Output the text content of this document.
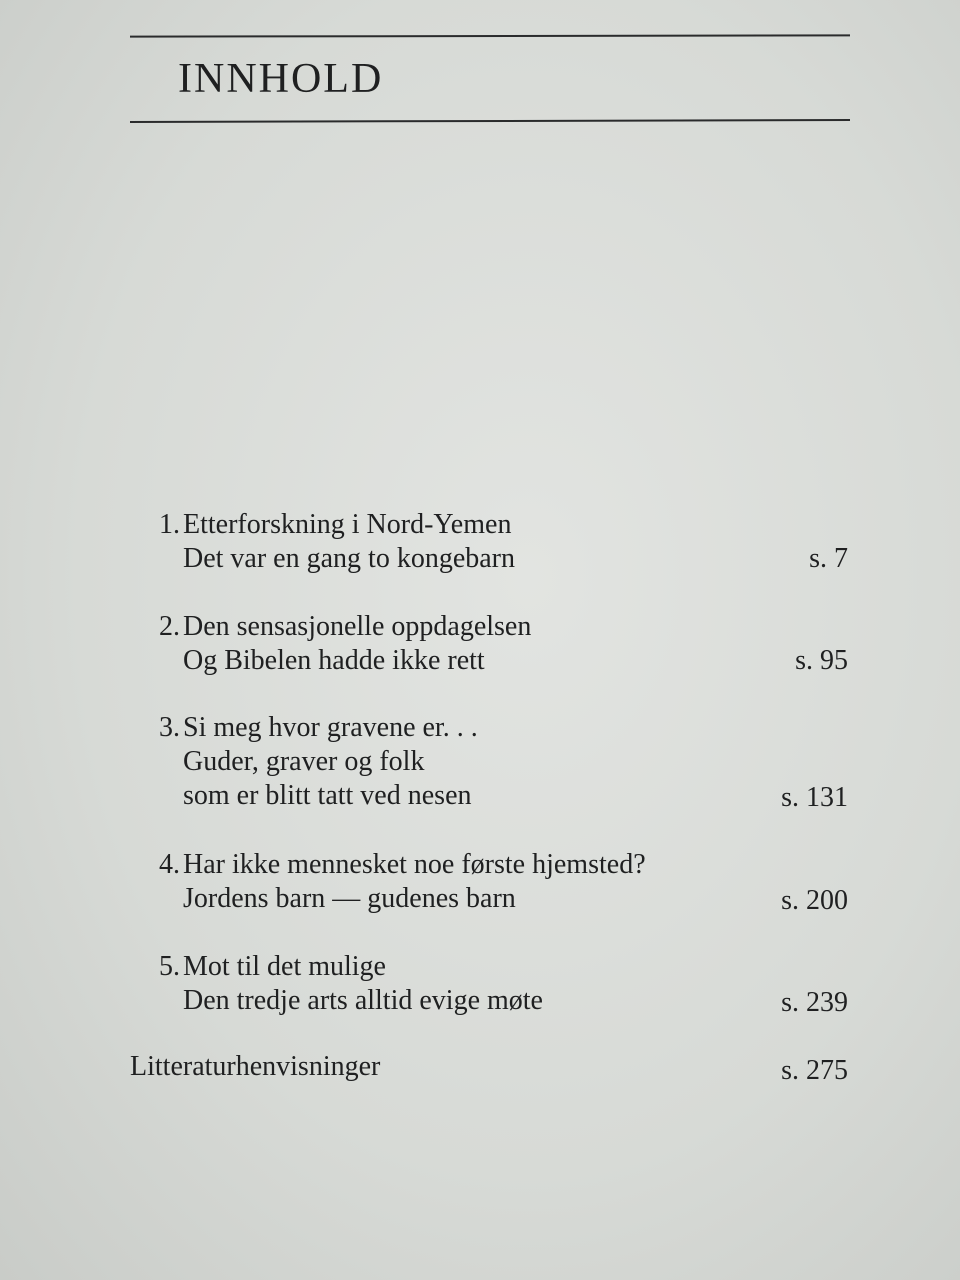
INNHOLD
1. Etterforskning i Nord-Yemen
Det var en gang to kongebarn	s. 7
2. Den sensasjonelle oppdagelsen
Og Bibelen hadde ikke rett	s. 95
3. Si meg hvor gravene er. . .
Guder, graver og folk
som er blitt tatt ved nesen	s. 131
4. Har ikke mennesket noe første hjemsted?
Jordens barn — gudenes barn	s. 200
5. Mot til det mulige
Den tredje arts alltid evige møte	s. 239
Litteraturhenvisninger	s. 275
